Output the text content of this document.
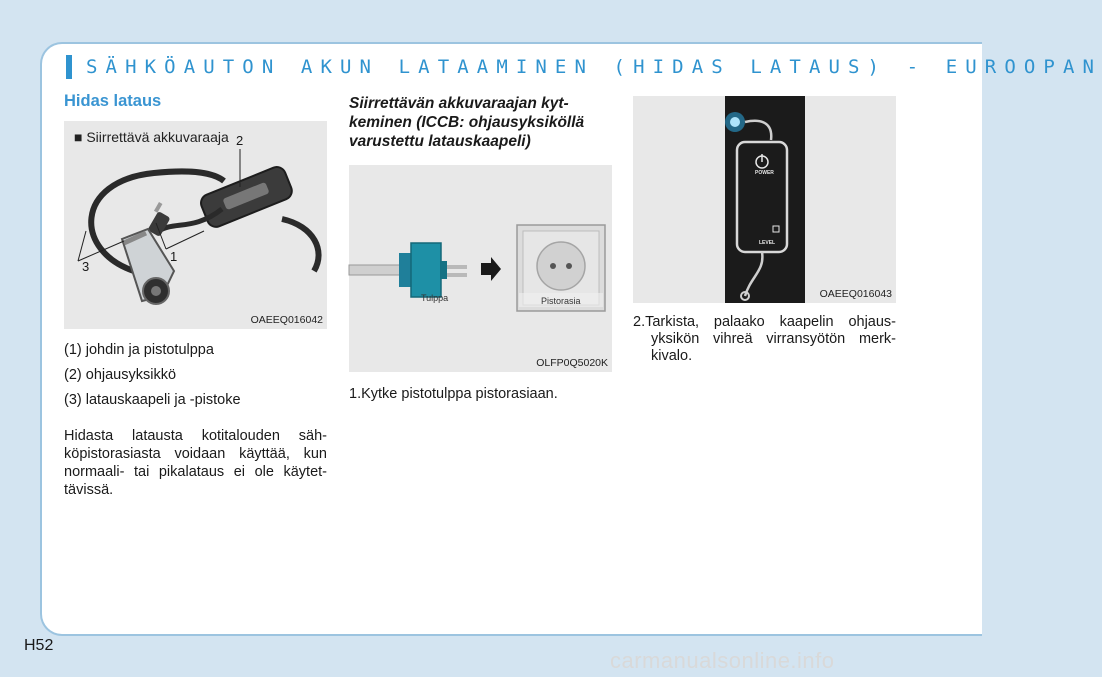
SÄHKÖAUTON AKUN LATAAMINEN (HIDAS LATAUS) - EUROOPAN
Hidas lataus
■ Siirrettävä akkuvaraaja 2
3
1
OAEEQ016042

(1) johdin ja pistotulppa

(2) ohjausyksikkö

(3) latauskaapeli ja -pistoke

Hidasta latausta kotitalouden säh-köpistorasiasta voidaan käyttää, kun normaali- tai pikalataus ei ole käytet-tävissä.

Siirrettävän akkuvaraajan kyt-keminen (ICCB: ohjausyksiköllä varustettu latauskaapeli)

Tulppa	Pistorasia
OLFP0Q5020K

1.Kytke pistotulppa pistorasiaan.

POWER
LEVEL
OAEEQ016043

2.Tarkista, palaako kaapelin ohjaus-yksikön vihreä virransyötön merk-kivalo.

H52
carmanualsonline.info
